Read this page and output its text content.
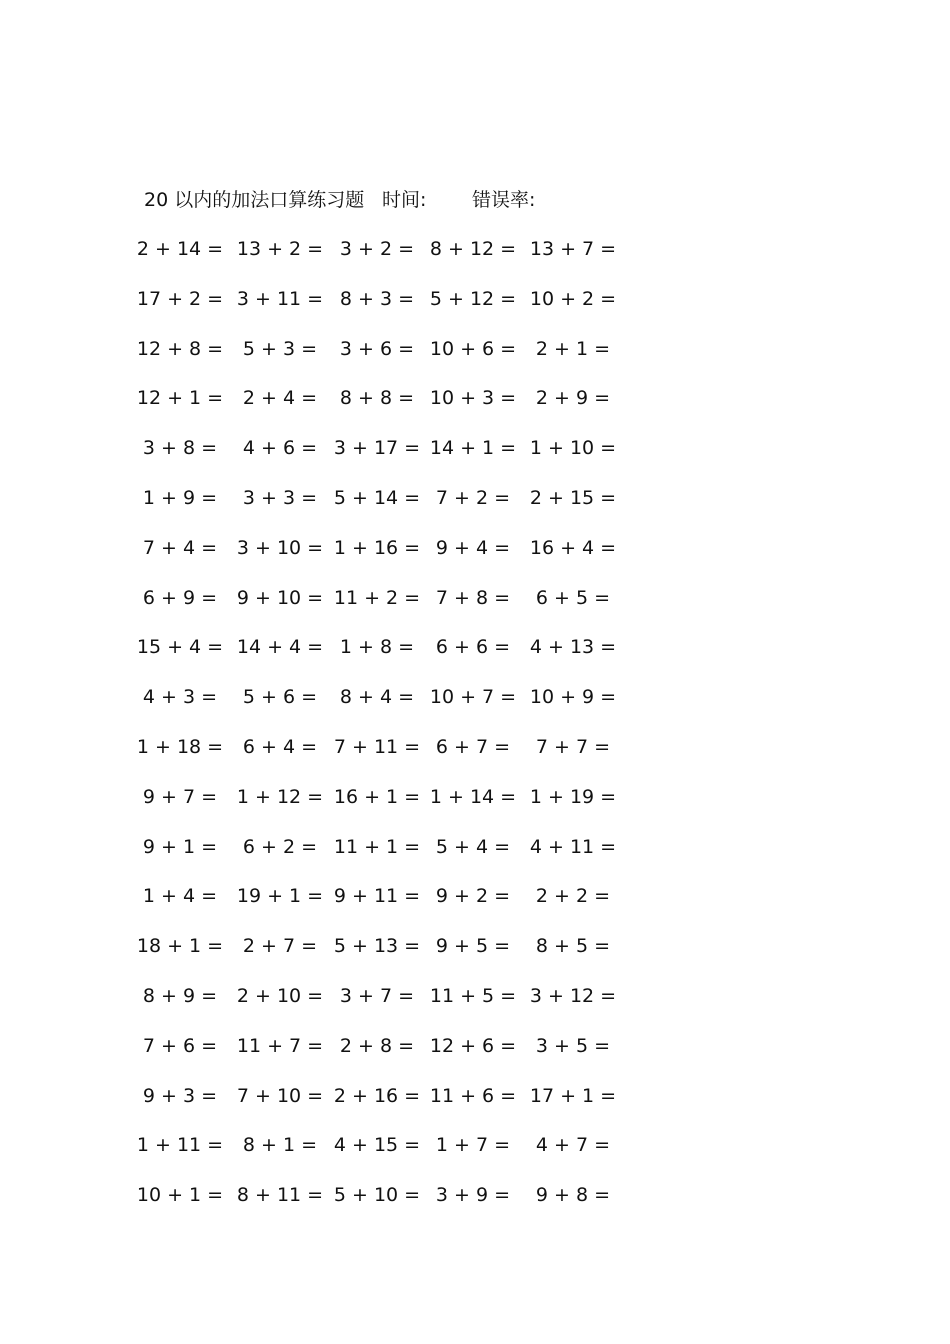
20 以内的加法口算练习题 时间: 错误率:
2 + 14 = 13 + 2 = 3 + 2 = 8 + 12 = 13 + 7 =
17 + 2 = 3 + 11 = 8 + 3 = 5 + 12 = 10 + 2 =
12 + 8 =	5 + 3 =	3 + 6 = 10 + 6 =	2 + 1 =
12 + 1 =	2 + 4 =	8 + 8 = 10 + 3 =	2 + 9 =
3 + 8 =	4 + 6 = 3 + 17 = 14 + 1 = 1 + 10 =
1 + 9 =	3 + 3 = 5 + 14 = 7 + 2 =	2 + 15 =
7 + 4 =	3 + 10 = 1 + 16 = 9 + 4 =	16 + 4 =
6 + 9 =	9 + 10 = 11 + 2 = 7 + 8 =	6 + 5 =
15 + 4 = 14 + 4 = 1 + 8 =	6 + 6 =	4 + 13 =
4 + 3 =	5 + 6 =	8 + 4 = 10 + 7 = 10 + 9 =
1 + 18 =	6 + 4 = 7 + 11 = 6 + 7 =	7 + 7 =
9 + 7 =	1 + 12 = 16 + 1 = 1 + 14 = 1 + 19 =
9 + 1 =	6 + 2 = 11 + 1 = 5 + 4 =	4 + 11 =
1 + 4 =	19 + 1 = 9 + 11 = 9 + 2 =	2 + 2 =
18 + 1 =	2 + 7 = 5 + 13 = 9 + 5 =	8 + 5 =
8 + 9 =	2 + 10 = 3 + 7 = 11 + 5 = 3 + 12 =
7 + 6 =	11 + 7 = 2 + 8 = 12 + 6 =	3 + 5 =
9 + 3 =	7 + 10 = 2 + 16 = 11 + 6 = 17 + 1 =
1 + 11 =	8 + 1 = 4 + 15 = 1 + 7 =	4 + 7 =
10 + 1 = 8 + 11 = 5 + 10 = 3 + 9 =	9 + 8 =
